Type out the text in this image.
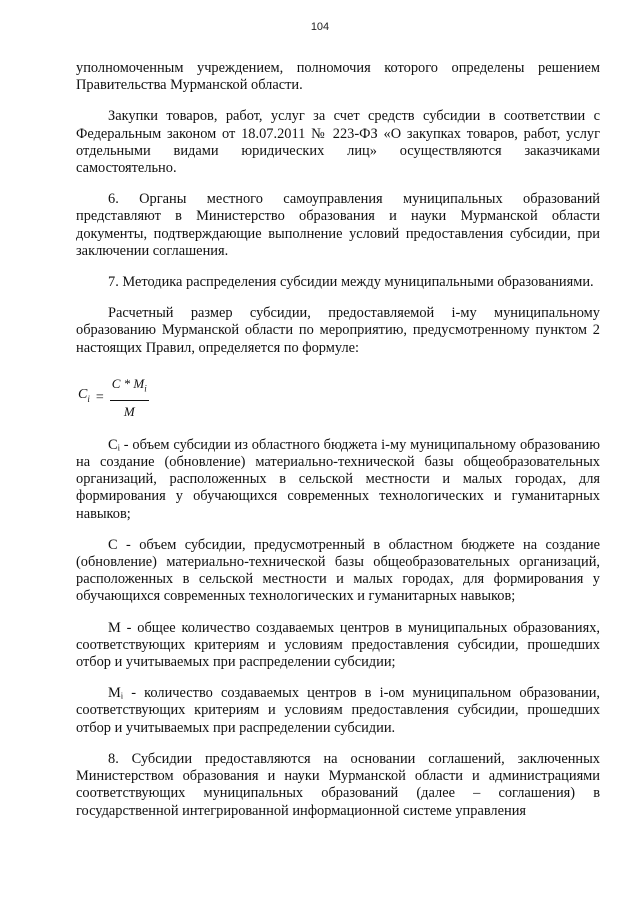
104

уполномоченным учреждением, полномочия которого определены решением Правительства Мурманской области.

Закупки товаров, работ, услуг за счет средств субсидии в соответствии с Федеральным законом от 18.07.2011 № 223-ФЗ «О закупках товаров, работ, услуг отдельными видами юридических лиц» осуществляются заказчиками самостоятельно.

6. Органы местного самоуправления муниципальных образований представляют в Министерство образования и науки Мурманской области документы, подтверждающие выполнение условий предоставления субсидии, при заключении соглашения.

7. Методика распределения субсидии между муниципальными образованиями.

Расчетный размер субсидии, предоставляемой i-му муниципальному образованию Мурманской области по мероприятию, предусмотренному пунктом 2 настоящих Правил, определяется по формуле:

$C_i = \frac{C * M_i}{M}$

Cᵢ - объем субсидии из областного бюджета i-му муниципальному образованию на создание (обновление) материально-технической базы общеобразовательных организаций, расположенных в сельской местности и малых городах, для формирования у обучающихся современных технологических и гуманитарных навыков;

C - объем субсидии, предусмотренный в областном бюджете на создание (обновление) материально-технической базы общеобразовательных организаций, расположенных в сельской местности и малых городах, для формирования у обучающихся современных технологических и гуманитарных навыков;

M - общее количество создаваемых центров в муниципальных образованиях, соответствующих критериям и условиям предоставления субсидии, прошедших отбор и учитываемых при распределении субсидии;

Mᵢ - количество создаваемых центров в i-ом муниципальном образовании, соответствующих критериям и условиям предоставления субсидии, прошедших отбор и учитываемых при распределении субсидии.

8. Субсидии предоставляются на основании соглашений, заключенных Министерством образования и науки Мурманской области и администрациями соответствующих муниципальных образований (далее – соглашения) в государственной интегрированной информационной системе управления
